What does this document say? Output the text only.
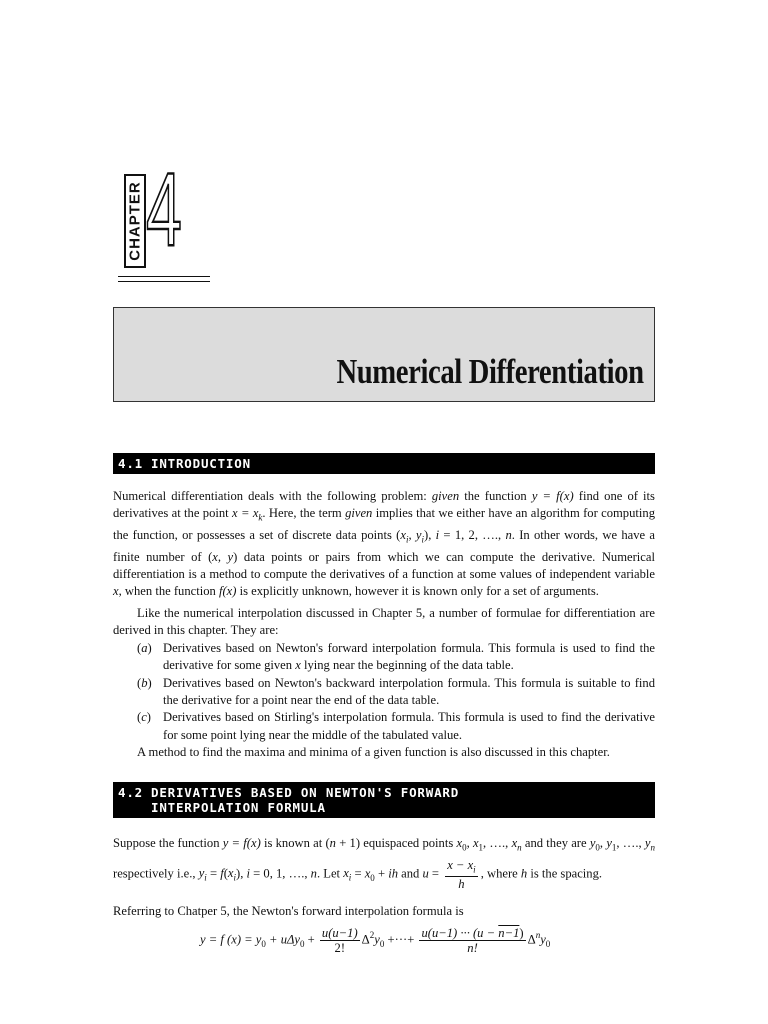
CHAPTER 4
Numerical Differentiation
4.1 INTRODUCTION

Numerical differentiation deals with the following problem: given the function y = f(x) find one of its derivatives at the point $x = x_k$. Here, the term given implies that we either have an algorithm for computing the function, or possesses a set of discrete data points ($x_i$, $y_i$), i = 1, 2, …., n. In other words, we have a finite number of (x, y) data points or pairs from which we can compute the derivative. Numerical differentiation is a method to compute the derivatives of a function at some values of independent variable x, when the function f(x) is explicitly unknown, however it is known only for a set of arguments.

Like the numerical interpolation discussed in Chapter 5, a number of formulae for differentiation are derived in this chapter. They are:

(a) Derivatives based on Newton's forward interpolation formula. This formula is used to find the derivative for some given x lying near the beginning of the data table.
(b) Derivatives based on Newton's backward interpolation formula. This formula is suitable to find the derivative for a point near the end of the data table.
(c) Derivatives based on Stirling's interpolation formula. This formula is used to find the derivative for some point lying near the middle of the tabulated value.

A method to find the maxima and minima of a given function is also discussed in this chapter.

4.2 DERIVATIVES BASED ON NEWTON'S FORWARD
INTERPOLATION FORMULA

Suppose the function y = f(x) is known at (n + 1) equispaced points $x_0$, $x_1$, …., $x_n$ and they are $y_0$, $y_1$, …., $y_n$ respectively i.e., $y_i = f(x_i)$, i = 0, 1, …., n. Let $x_i = x_0$ + ih and $u = \frac{x - x_i}{h}$ , where h is the spacing.

Referring to Chatper 5, the Newton's forward interpolation formula is

y = f $(x) = y_0 + u\Delta y_0 + \frac{u(u-1)}{2!} \Delta^2y_0$ +···+ $\frac{u(u-1) \cdot\cdot\cdot (u - n-1)}{n!} \Delta^ny_0$
